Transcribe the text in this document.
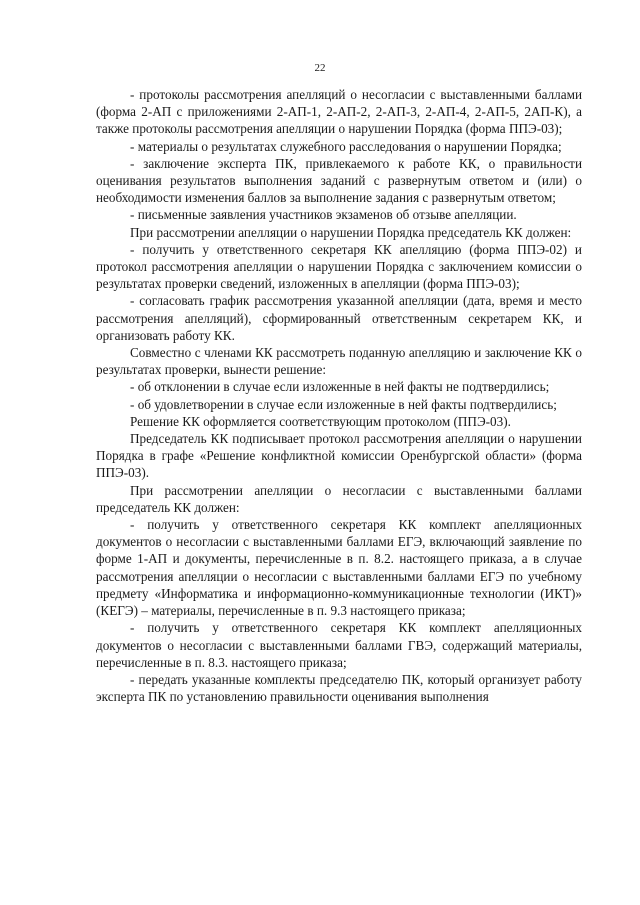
22

- протоколы рассмотрения апелляций о несогласии с выставленными баллами (форма 2-АП с приложениями 2-АП-1, 2-АП-2, 2-АП-3, 2-АП-4, 2-АП-5, 2АП-К), а также протоколы рассмотрения апелляции о нарушении Порядка (форма ППЭ-03);

- материалы о результатах служебного расследования о нарушении Порядка;

- заключение эксперта ПК, привлекаемого к работе КК, о правильности оценивания результатов выполнения заданий с развернутым ответом и (или) о необходимости изменения баллов за выполнение задания с развернутым ответом;

- письменные заявления участников экзаменов об отзыве апелляции.

При рассмотрении апелляции о нарушении Порядка председатель КК должен:

- получить у ответственного секретаря КК апелляцию (форма ППЭ-02) и протокол рассмотрения апелляции о нарушении Порядка с заключением комиссии о результатах проверки сведений, изложенных в апелляции (форма ППЭ-03);

- согласовать график рассмотрения указанной апелляции (дата, время и место рассмотрения апелляций), сформированный ответственным секретарем КК, и организовать работу КК.

Совместно с членами КК рассмотреть поданную апелляцию и заключение КК о результатах проверки, вынести решение:

- об отклонении в случае если изложенные в ней факты не подтвердились;

- об удовлетворении в случае если изложенные в ней факты подтвердились;

Решение КК оформляется соответствующим протоколом (ППЭ-03).

Председатель КК подписывает протокол рассмотрения апелляции о нарушении Порядка в графе «Решение конфликтной комиссии Оренбургской области» (форма ППЭ-03).

При рассмотрении апелляции о несогласии с выставленными баллами председатель КК должен:

- получить у ответственного секретаря КК комплект апелляционных документов о несогласии с выставленными баллами ЕГЭ, включающий заявление по форме 1-АП и документы, перечисленные в п. 8.2. настоящего приказа, а в случае рассмотрения апелляции о несогласии с выставленными баллами ЕГЭ по учебному предмету «Информатика и информационно-коммуникационные технологии (ИКТ)» (КЕГЭ) – материалы, перечисленные в п. 9.3 настоящего приказа;

- получить у ответственного секретаря КК комплект апелляционных документов о несогласии с выставленными баллами ГВЭ, содержащий материалы, перечисленные в п. 8.3. настоящего приказа;

- передать указанные комплекты председателю ПК, который организует работу эксперта ПК по установлению правильности оценивания выполнения
